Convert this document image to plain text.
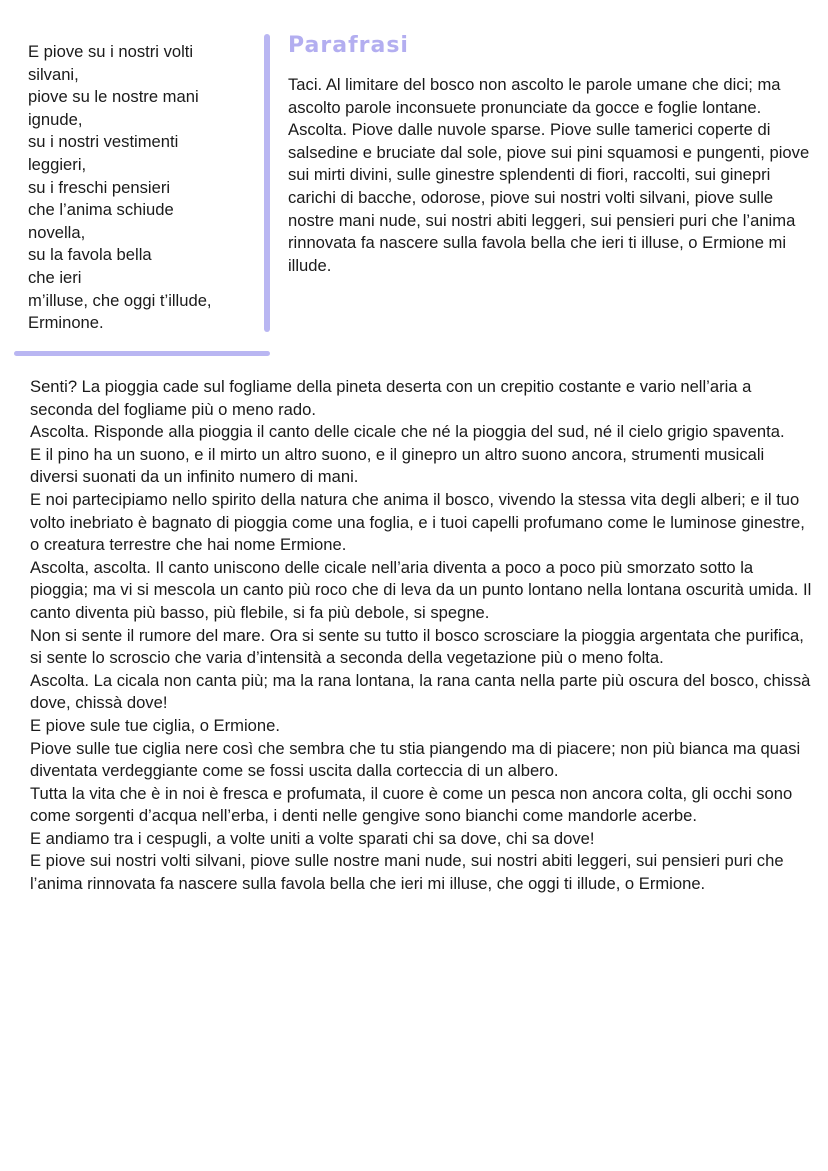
E piove su i nostri volti
silvani,
piove su le nostre mani
ignude,
su i nostri vestimenti
leggieri,
su i freschi pensieri
che l’anima schiude
novella,
su la favola bella
che ieri
m’illuse, che oggi t’illude,
Erminone.
Parafrasi

Taci. Al limitare del bosco non ascolto le parole umane che dici; ma ascolto parole inconsuete pronunciate da gocce e foglie lontane.

Ascolta. Piove dalle nuvole sparse. Piove sulle tamerici coperte di salsedine e bruciate dal sole, piove sui pini squamosi e pungenti, piove sui mirti divini, sulle ginestre splendenti di fiori, raccolti, sui ginepri carichi di bacche, odorose, piove sui nostri volti silvani, piove sulle nostre mani nude, sui nostri abiti leggeri, sui pensieri puri che l’anima rinnovata fa nascere sulla favola bella che ieri ti illuse, o Ermione mi illude.

Senti? La pioggia cade sul fogliame della pineta deserta con un crepitio costante e vario nell’aria a seconda del fogliame più o meno rado.

Ascolta. Risponde alla pioggia il canto delle cicale che né la pioggia del sud, né il cielo grigio spaventa.

E il pino ha un suono, e il mirto un altro suono, e il ginepro un altro suono ancora, strumenti musicali diversi suonati da un infinito numero di mani.

E noi partecipiamo nello spirito della natura che anima il bosco, vivendo la stessa vita degli alberi; e il tuo volto inebriato è bagnato di pioggia come una foglia, e i tuoi capelli profumano come le luminose ginestre, o creatura terrestre che hai nome Ermione.

Ascolta, ascolta. Il canto unisc​ono delle cicale nell’aria diventa a poco a poco più smorzato sotto la pioggia; ma vi si mescola un canto più roco che di leva da un punto lontano nella lontana oscurità umida. Il canto diventa più basso, più flebile, si fa più debole, si spegne.

Non si sente il rumore del mare. Ora si sente su tutto il bosco scrosciare la pioggia argentata che purifica, si sente lo scroscio che varia d’intensità a seconda della vegetazione più o meno folta.

Ascolta. La cicala non canta più; ma la rana lontana, la rana canta nella parte più oscura del bosco, chissà dove, chissà dove!

E piove sule tue ciglia, o Ermione.

Piove sulle tue ciglia nere così che sembra che tu stia piangendo ma di piacere; non più bianca ma quasi diventata verdeggiante come se fossi uscita dalla corteccia di un albero.

Tutta la vita che è in noi è fresca e profumata, il cuore è come un pesca non ancora colta, gli occhi sono come sorgenti d’acqua nell’erba, i denti nelle gengive sono bianchi come mandorle acerbe.

E andiamo tra i cespugli, a volte uniti a volte sparati chi sa dove, chi sa dove!

E piove sui nostri volti silvani, piove sulle nostre mani nude, sui nostri abiti leggeri, sui pensieri puri che l’anima rinnovata fa nascere sulla favola bella che ieri mi illuse, che oggi ti illude, o Ermione.
